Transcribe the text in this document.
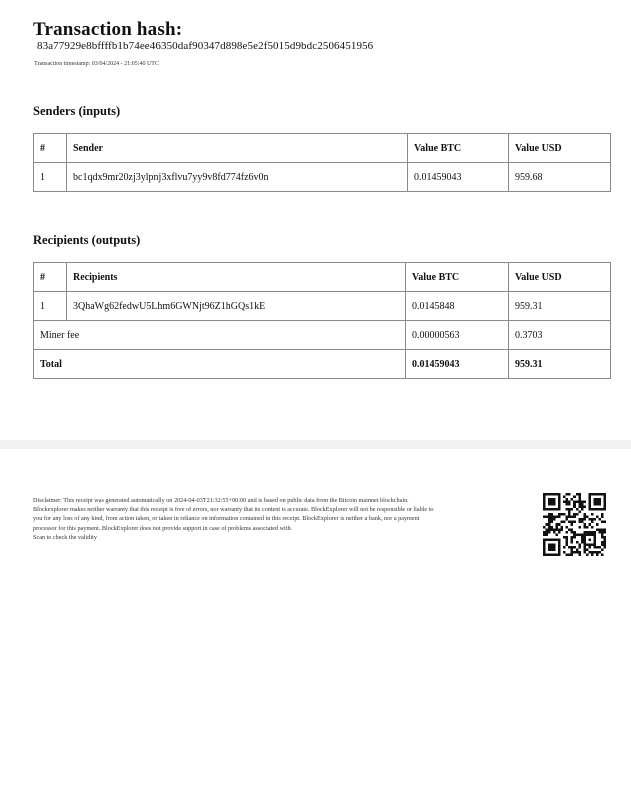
Transaction hash:
83a77929e8bffffb1b74ee46350daf90347d898e5e2f5015d9bdc2506451956
Transaction timestamp: 03/04/2024 - 21:05:40 UTC
Senders (inputs)
#	Sender	Value BTC	Value USD
1	bc1qdx9mr20zj3ylpnj3xflvu7yy9v8fd774fz6v0n	0.01459043	959.68
Recipients (outputs)
#	Recipients	Value BTC	Value USD
1	3QhaWg62fedwU5Lhm6GWNjt96Z1hGQs1kE	0.0145848	959.31
Miner fee		0.00000563	0.3703
Total		0.01459043	959.31
Disclaimer: This receipt was generated automatically on 2024-04-03T21:32:55+00:00 and is based on public data from the Bitcoin mainnet blockchain. Blockexplorer makes neither warranty that this receipt is free of errors, nor warranty that its content is accurate. BlockExplorer will not be responsible or liable to you for any loss of any kind, from action taken, or taken in reliance on information contained in this receipt. BlockExplorer is neither a bank, nor a payment processor for this payment. BlockExplorer does not provide support in case of problems associated with.
Scan to check the validity
